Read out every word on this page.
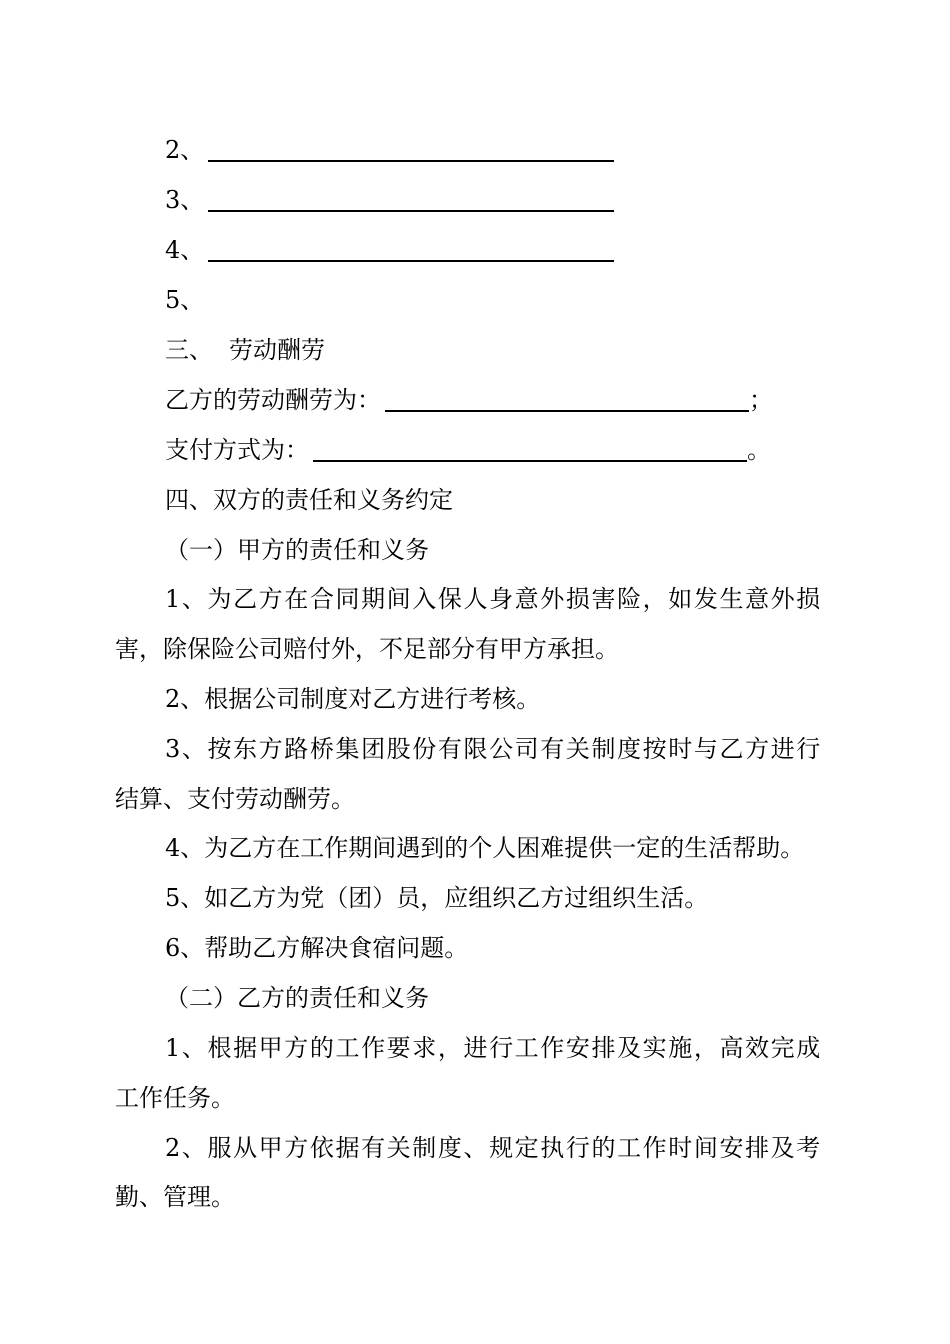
2、
3、
4、
5、
三、 劳动酬劳
乙方的劳动酬劳为：	；
支付方式为：	。
四、双方的责任和义务约定
（一）甲方的责任和义务
1、为乙方在合同期间入保人身意外损害险，如发生意外损
害，除保险公司赔付外，不足部分有甲方承担。
2、根据公司制度对乙方进行考核。
3、按东方路桥集团股份有限公司有关制度按时与乙方进行
结算、支付劳动酬劳。
4、为乙方在工作期间遇到的个人困难提供一定的生活帮助。
5、如乙方为党（团）员，应组织乙方过组织生活。
6、帮助乙方解决食宿问题。
（二）乙方的责任和义务
1、根据甲方的工作要求，进行工作安排及实施，高效完成
工作任务。
2、服从甲方依据有关制度、规定执行的工作时间安排及考
勤、管理。
